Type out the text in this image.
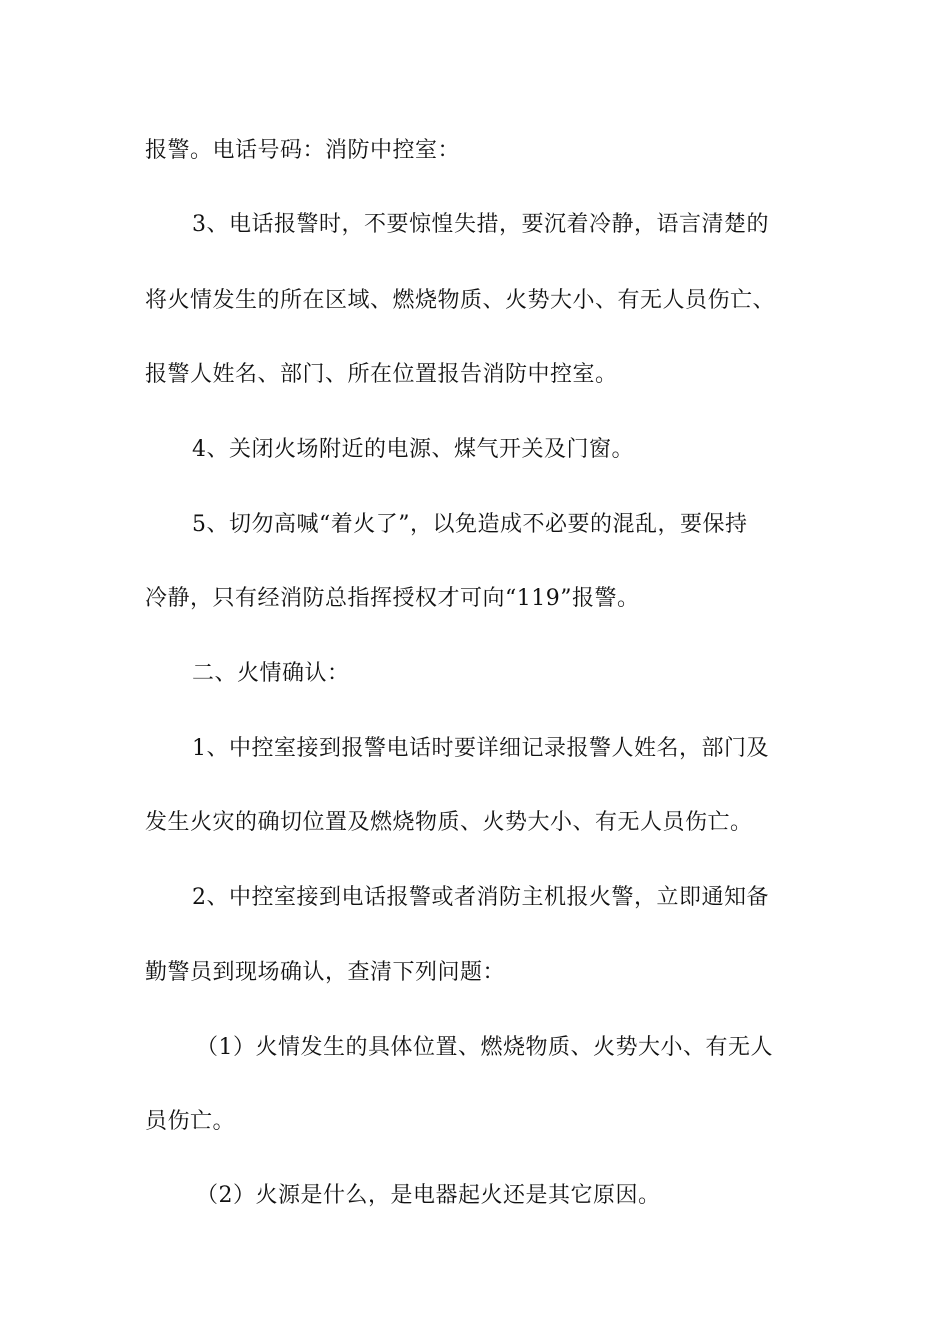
报警。电话号码：消防中控室：
3、电话报警时，不要惊惶失措，要沉着冷静，语言清楚的
将火情发生的所在区域、燃烧物质、火势大小、有无人员伤亡、
报警人姓名、部门、所在位置报告消防中控室。
4、关闭火场附近的电源、煤气开关及门窗。
5、切勿高喊“着火了”，以免造成不必要的混乱，要保持
冷静，只有经消防总指挥授权才可向“119”报警。
二、火情确认：
1、中控室接到报警电话时要详细记录报警人姓名，部门及
发生火灾的确切位置及燃烧物质、火势大小、有无人员伤亡。
2、中控室接到电话报警或者消防主机报火警，立即通知备
勤警员到现场确认，查清下列问题：
（1）火情发生的具体位置、燃烧物质、火势大小、有无人
员伤亡。
（2）火源是什么，是电器起火还是其它原因。
